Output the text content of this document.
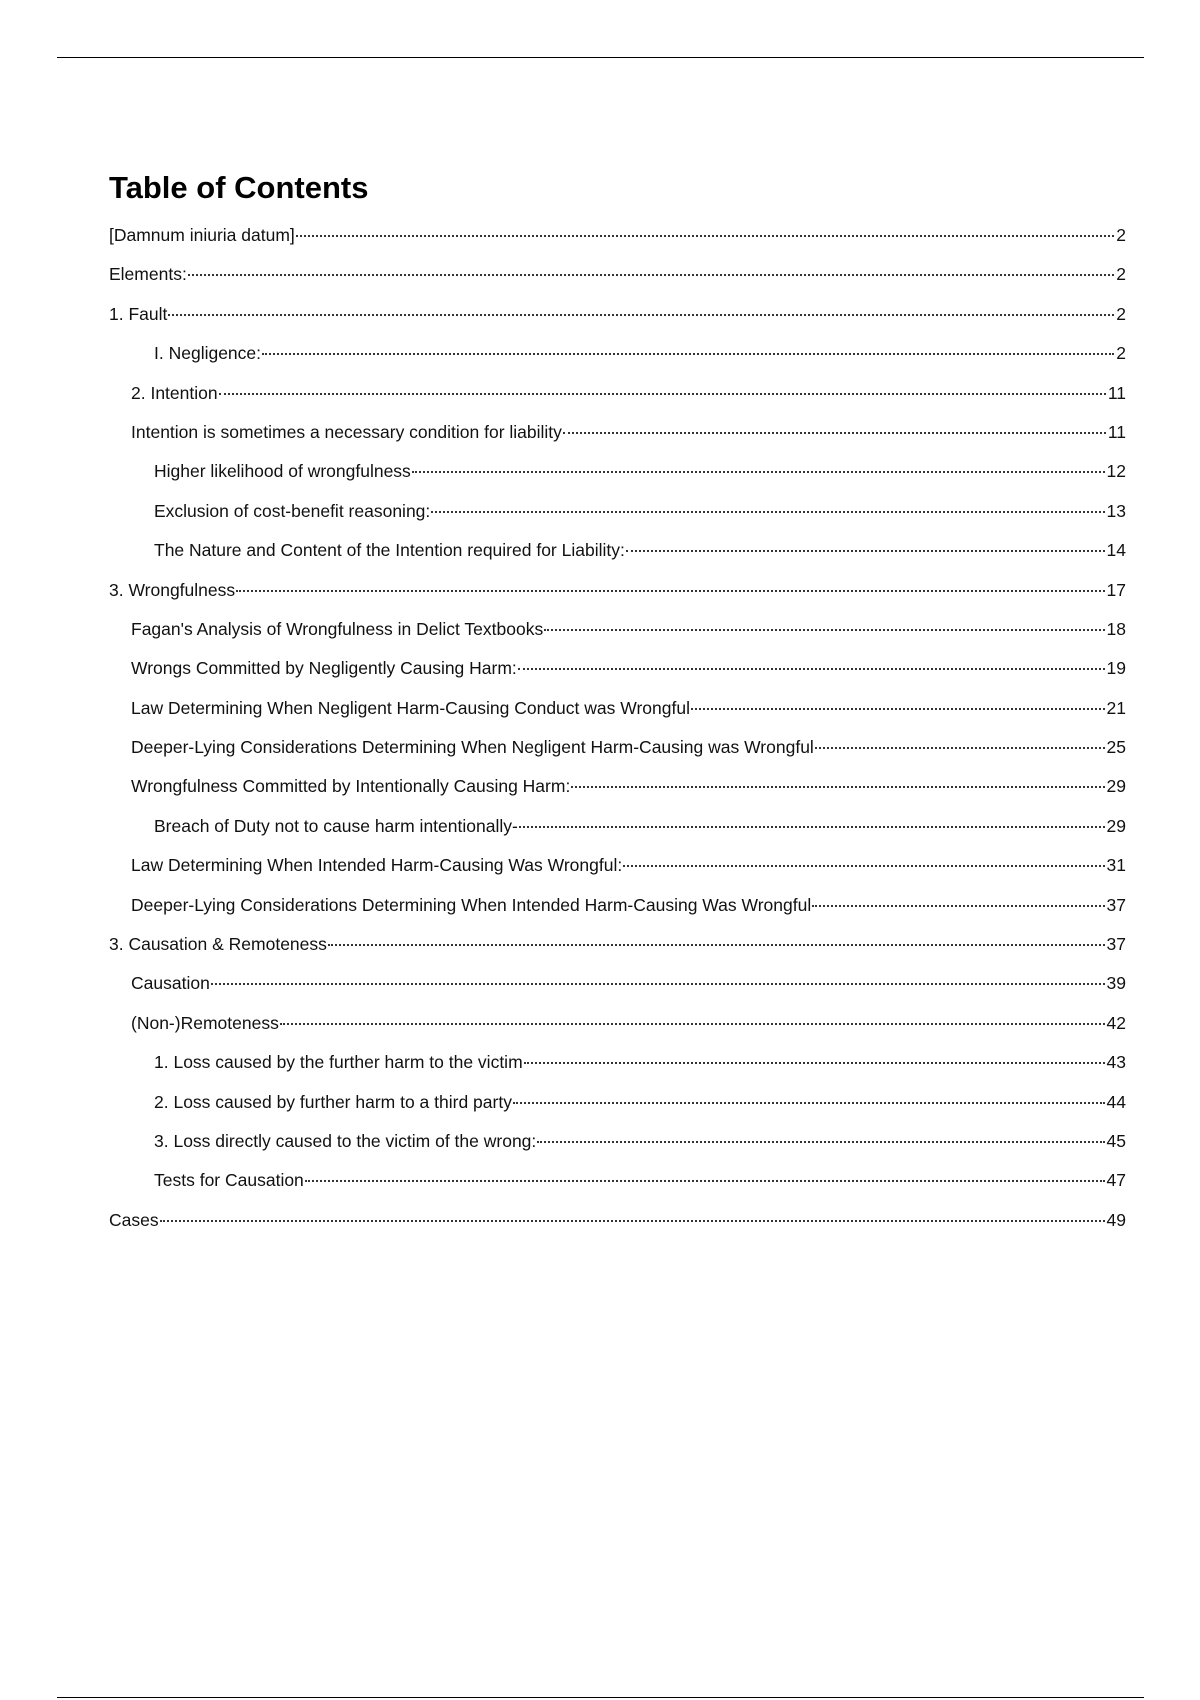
Table of Contents
[Damnum iniuria datum]	2
Elements:	2
1. Fault	2
I. Negligence:	2
2. Intention	11
Intention is sometimes a necessary condition for liability	11
Higher likelihood of wrongfulness	12
Exclusion of cost-benefit reasoning:	13
The Nature and Content of the Intention required for Liability:	14
3. Wrongfulness	17
Fagan's Analysis of Wrongfulness in Delict Textbooks	18
Wrongs Committed by Negligently Causing Harm:	19
Law Determining When Negligent Harm-Causing Conduct was Wrongful	21
Deeper-Lying Considerations Determining When Negligent Harm-Causing was Wrongful	25
Wrongfulness Committed by Intentionally Causing Harm:	29
Breach of Duty not to cause harm intentionally-	29
Law Determining When Intended Harm-Causing Was Wrongful:	31
Deeper-Lying Considerations Determining When Intended Harm-Causing Was Wrongful	37
3. Causation & Remoteness	37
Causation	39
(Non-)Remoteness	42
1. Loss caused by the further harm to the victim	43
2. Loss caused by further harm to a third party	44
3. Loss directly caused to the victim of the wrong:	45
Tests for Causation	47
Cases	49
